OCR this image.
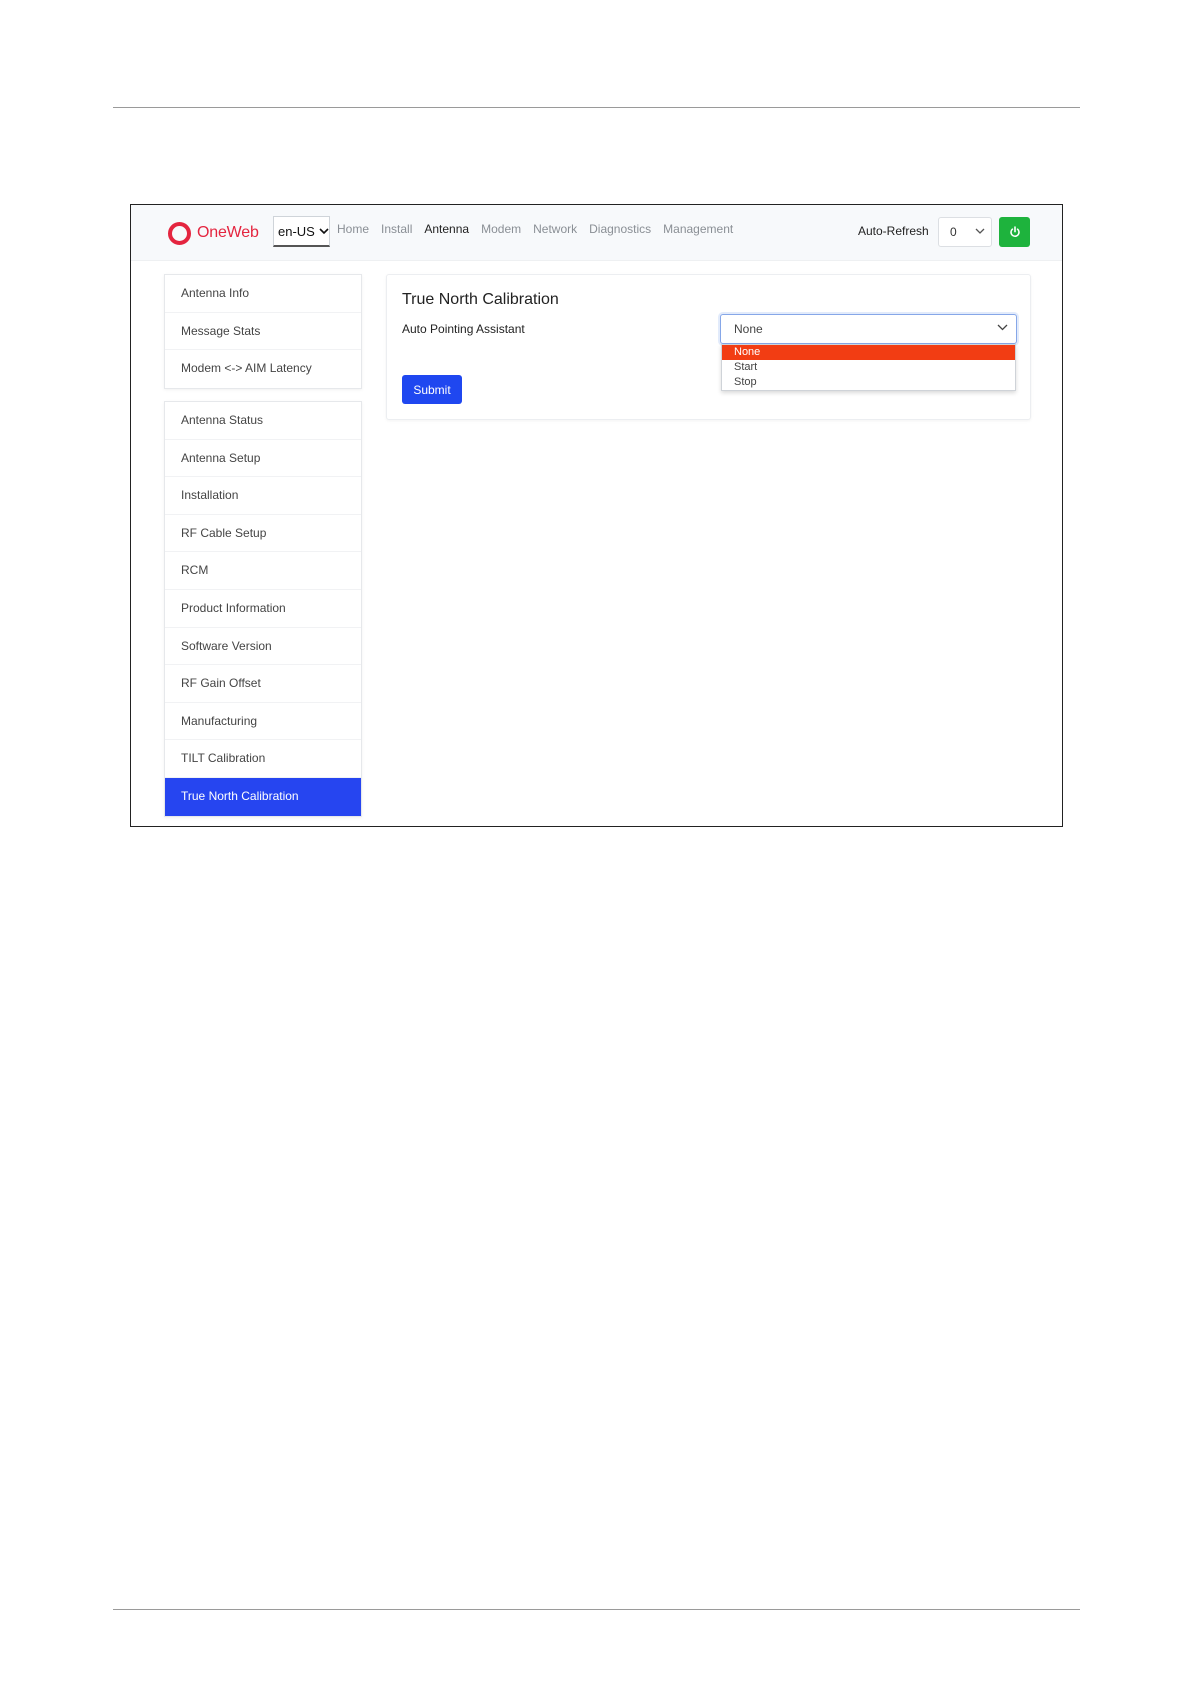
OneWeb en-US Home Install Antenna Modem Network Diagnostics Management	Auto-Refresh	0
Antenna Info
Message Stats
Modem <-> AIM Latency
Antenna Status
Antenna Setup
Installation
RF Cable Setup
RCM
Product Information
Software Version
RF Gain Offset
Manufacturing
TILT Calibration
True North Calibration
True North Calibration
Auto Pointing Assistant	None
None
Start
Stop
Submit
